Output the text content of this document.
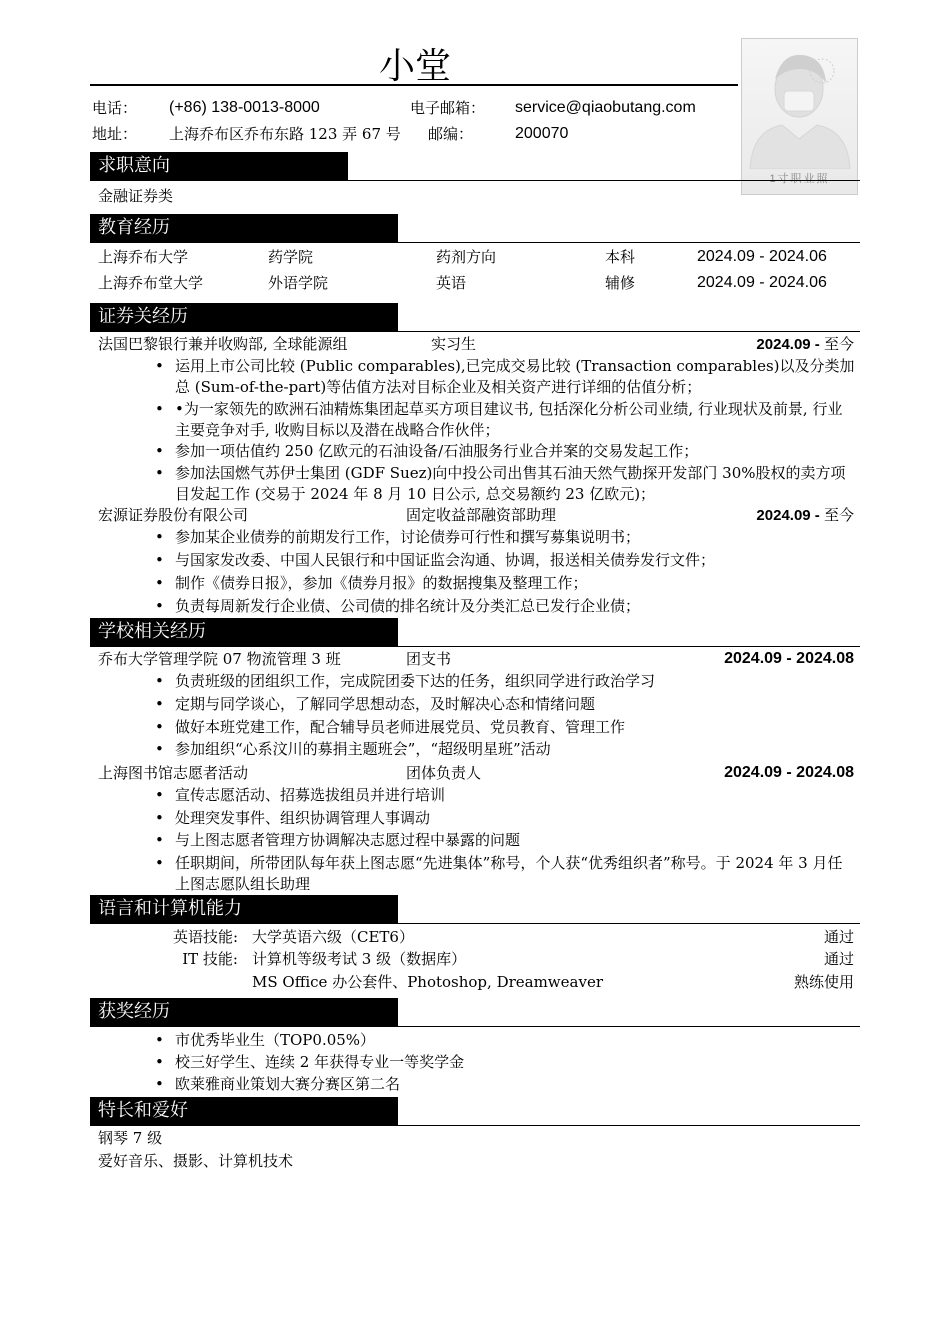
小堂
1寸职业照
电话： (+86) 138-0013-8000	电子邮箱： service@qiaobutang.com
地址： 上海乔布区乔布东路 123 弄 67 号 邮编：	200070
求职意向
金融证券类
教育经历
上海乔布大学	药学院	药剂方向	本科	2024.09 - 2024.06
上海乔布堂大学	外语学院	英语	辅修	2024.09 - 2024.06
证券关经历
法国巴黎银行兼并收购部, 全球能源组	实习生	2024.09 - 至今
• 运用上市公司比较 (Public comparables),已完成交易比较 (Transaction comparables)以及分类加总 (Sum-of-the-part)等估值方法对目标企业及相关资产进行详细的估值分析；
• •为一家领先的欧洲石油精炼集团起草买方项目建议书, 包括深化分析公司业绩, 行业现状及前景, 行业主要竞争对手, 收购目标以及潜在战略合作伙伴；
• 参加一项估值约 250 亿欧元的石油设备/石油服务行业合并案的交易发起工作；
• 参加法国燃气苏伊士集团 (GDF Suez)向中投公司出售其石油天然气勘探开发部门 30%股权的卖方项目发起工作 (交易于 2024 年 8 月 10 日公示, 总交易额约 23 亿欧元)；
宏源证券股份有限公司	固定收益部融资部助理	2024.09 - 至今
• 参加某企业债券的前期发行工作，讨论债券可行性和撰写募集说明书；
• 与国家发改委、中国人民银行和中国证监会沟通、协调，报送相关债券发行文件；
• 制作《债券日报》，参加《债券月报》的数据搜集及整理工作；
• 负责每周新发行企业债、公司债的排名统计及分类汇总已发行企业债；
学校相关经历
乔布大学管理学院 07 物流管理 3 班	团支书	2024.09 - 2024.08
• 负责班级的团组织工作，完成院团委下达的任务，组织同学进行政治学习
• 定期与同学谈心，了解同学思想动态，及时解决心态和情绪问题
• 做好本班党建工作，配合辅导员老师进展党员、党员教育、管理工作
• 参加组织“心系汶川的募捐主题班会”，“超级明星班”活动
上海图书馆志愿者活动	团体负责人	2024.09 - 2024.08
• 宣传志愿活动、招募选拔组员并进行培训
• 处理突发事件、组织协调管理人事调动
• 与上图志愿者管理方协调解决志愿过程中暴露的问题
• 任职期间，所带团队每年获上图志愿“先进集体”称号，个人获“优秀组织者”称号。于 2024 年 3 月任上图志愿队组长助理
语言和计算机能力
英语技能: 大学英语六级（CET6）	通过
IT 技能: 计算机等级考试 3 级（数据库）	通过
MS Office 办公套件、Photoshop, Dreamweaver	熟练使用
获奖经历
• 市优秀毕业生（TOP0.05%）
• 校三好学生、连续 2 年获得专业一等奖学金
• 欧莱雅商业策划大赛分赛区第二名
特长和爱好
钢琴 7 级
爱好音乐、摄影、计算机技术
